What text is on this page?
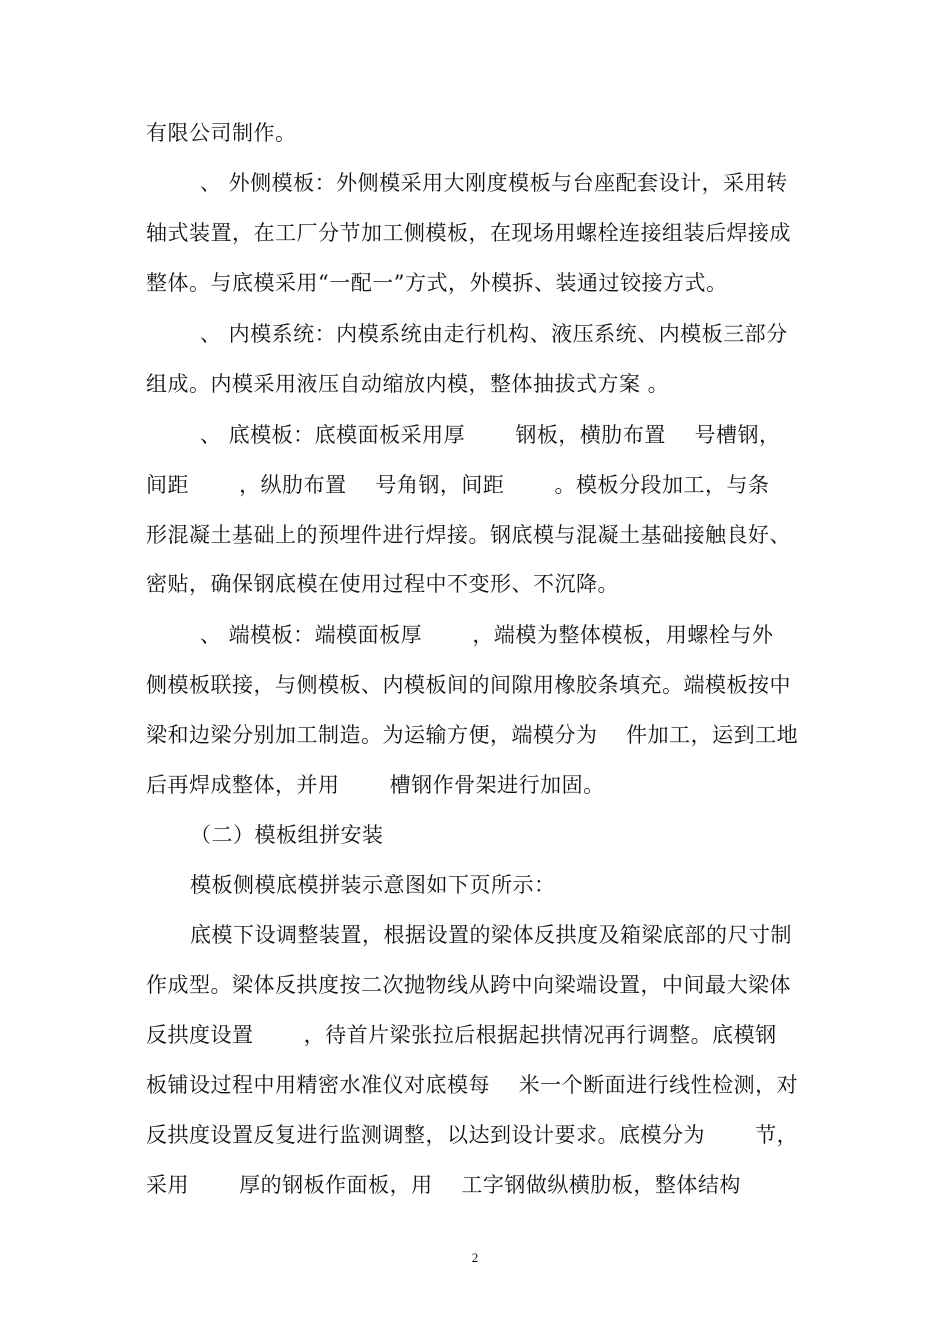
有限公司制作。
、 外侧模板：外侧模采用大刚度模板与台座配套设计，采用转
轴式装置，在工厂分节加工侧模板，在现场用螺栓连接组装后焊接成
整体。与底模采用“一配一”方式，外模拆、装通过铰接方式。
、 内模系统：内模系统由走行机构、液压系统、内模板三部分
组成。内模采用液压自动缩放内模，整体抽拔式方案 。
、 底模板：底模面板采用厚 　　钢板，横肋布置 　号槽钢，
间距 　　，纵肋布置 　号角钢，间距 　　。模板分段加工，与条
形混凝土基础上的预埋件进行焊接。钢底模与混凝土基础接触良好、
密贴，确保钢底模在使用过程中不变形、不沉降。
、 端模板：端模面板厚 　　，端模为整体模板，用螺栓与外
侧模板联接，与侧模板、内模板间的间隙用橡胶条填充。端模板按中
梁和边梁分别加工制造。为运输方便，端模分为 　件加工，运到工地
后再焊成整体，并用 　　槽钢作骨架进行加固。
（二）模板组拼安装
模板侧模底模拼装示意图如下页所示：
底模下设调整装置，根据设置的梁体反拱度及箱梁底部的尺寸制
作成型。梁体反拱度按二次抛物线从跨中向梁端设置，中间最大梁体
反拱度设置 　　，待首片梁张拉后根据起拱情况再行调整。底模钢
板铺设过程中用精密水准仪对底模每 　米一个断面进行线性检测，对
反拱度设置反复进行监测调整，以达到设计要求。底模分为 　　节，
采用 　　厚的钢板作面板，用 　工字钢做纵横肋板，整体结构
2
